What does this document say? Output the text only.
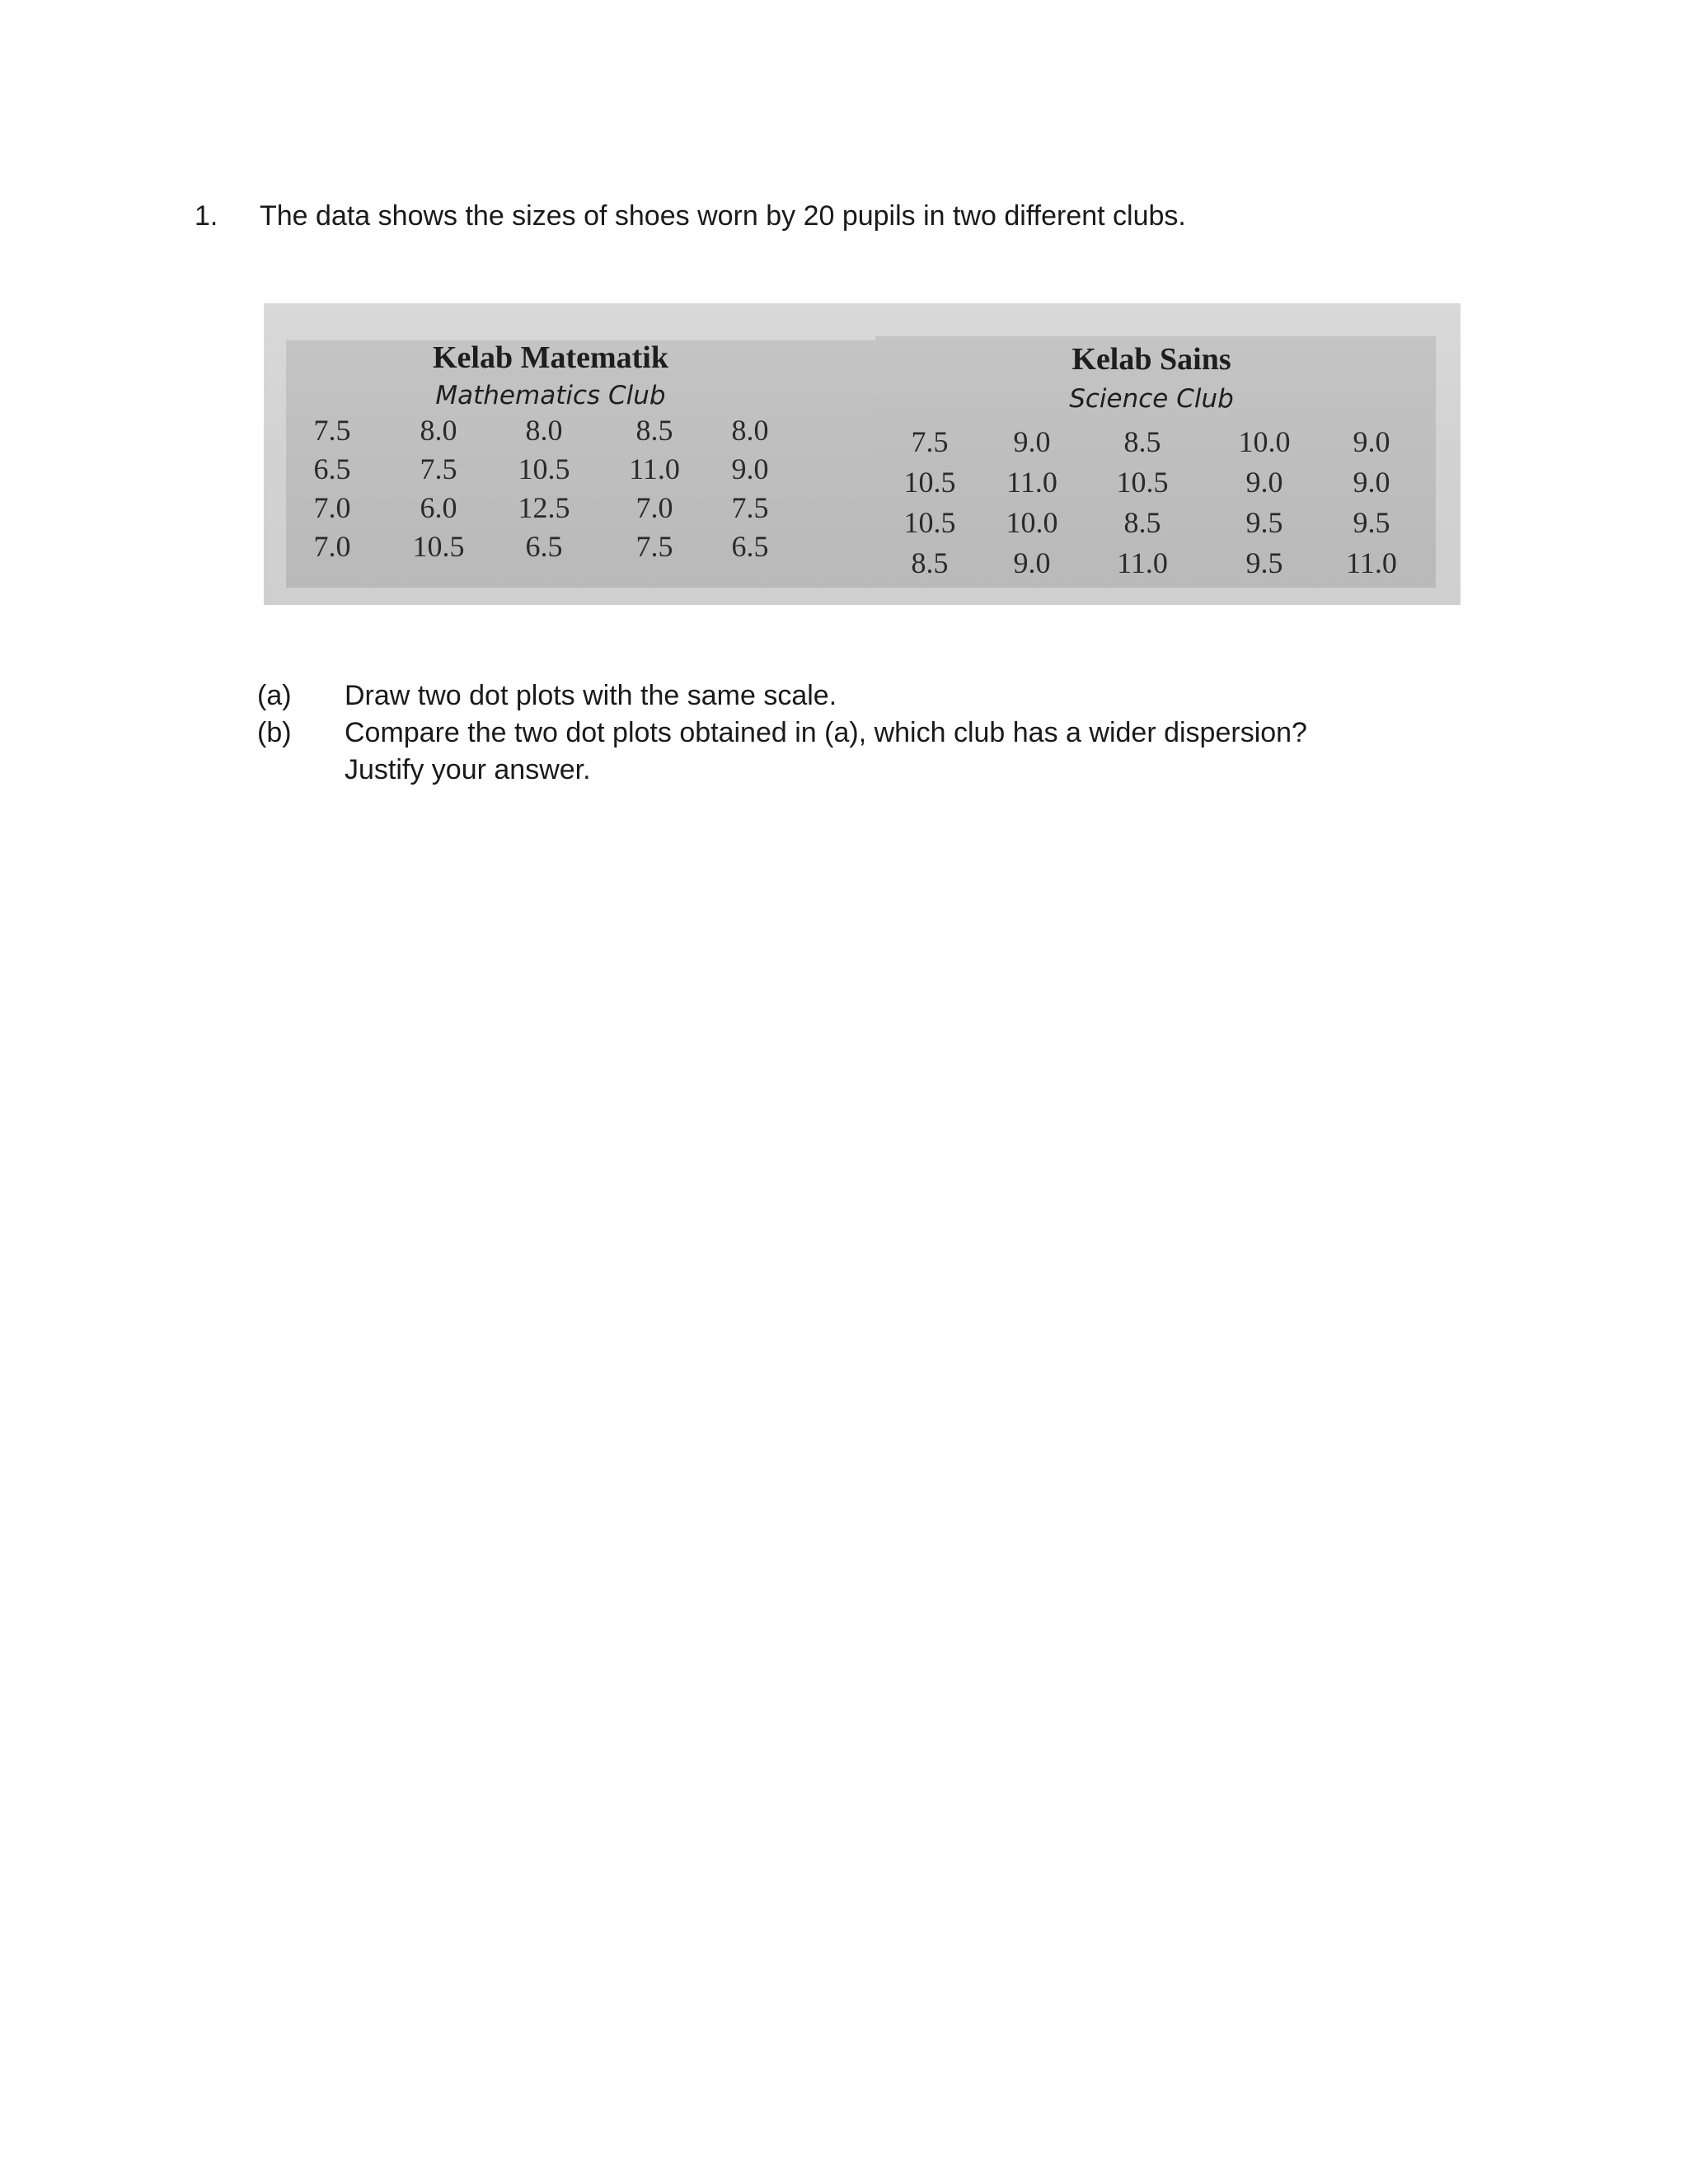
1. The data shows the sizes of shoes worn by 20 pupils in two different clubs.
Kelab Matematik
Mathematics Club
Kelab Sains
Science Club
7.5 8.0 8.0 8.5 8.0
6.5 7.5 10.5 11.0 9.0
7.0 6.0 12.5 7.0 7.5
7.0 10.5 6.5 7.5 6.5
7.5 9.0 8.5	10.0 9.0
10.5 11.0 10.5	9.0 9.0
10.5 10.0 8.5	9.5 9.5
8.5 9.0 11.0	9.5 11.0
(a) Draw two dot plots with the same scale.
(b) Compare the two dot plots obtained in (a), which club has a wider dispersion?
Justify your answer.
